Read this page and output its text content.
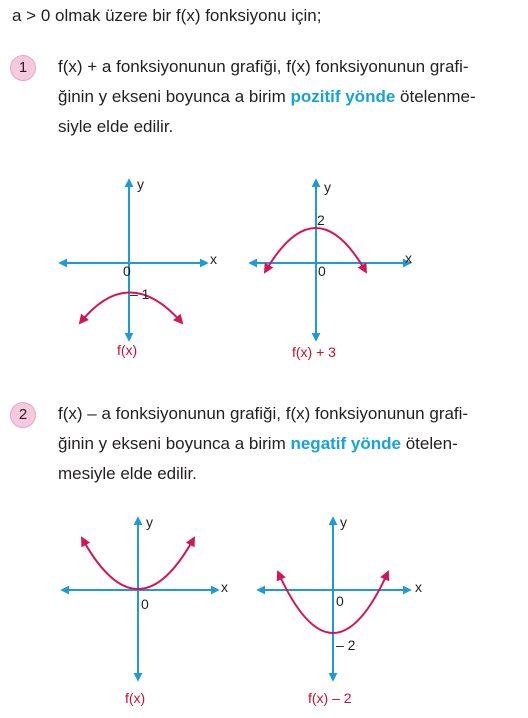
a > 0 olmak üzere bir f(x) fonksiyonu için;
1	f(x) + a fonksiyonunun grafiği, f(x) fonksiyonunun grafi-
ğinin y ekseni boyunca a birim pozitif yönde ötelenme-
siyle elde edilir.
2	f(x) – a fonksiyonunun grafiği, f(x) fonksiyonunun grafi-
ğinin y ekseni boyunca a birim negatif yönde ötelen-
mesiyle elde edilir.
y
x
0
– 1
f(x)
y
x
0
2
f(x) + 3
y
x
0
f(x)
y
x
0
– 2
f(x) – 2
